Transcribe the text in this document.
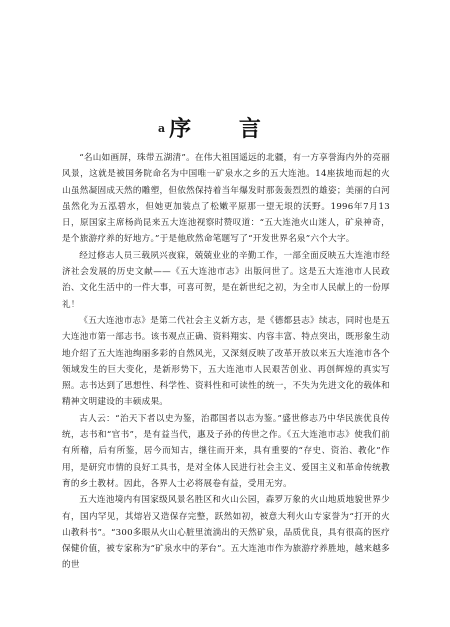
序 言
a

“名山如画屏，珠带五湖清”。在伟大祖国遥远的北疆，有一方享誉海内外的亮丽风景，这就是被国务院命名为中国唯一矿泉水之乡的五大连池。14座拔地而起的火山虽然凝固成天然的雕塑，但依然保持着当年爆发时那轰轰烈烈的雄姿；美丽的白河虽然化为五泓碧水，但她更加装点了松嫩平原那一望无垠的沃野。1996年7月13日，原国家主席杨尚昆来五大连池视察时赞叹道：“五大连池火山迷人，矿泉神奇，是个旅游疗养的好地方。”于是他欣然命笔题写了“开发世界名泉”六个大字。

经过修志人员三载夙兴夜寐，兢兢业业的辛勤工作，一部全面反映五大连池市经济社会发展的历史文献——《五大连池市志》出版问世了。这是五大连池市人民政治、文化生活中的一件大事，可喜可贺，是在新世纪之初，为全市人民献上的一份厚礼！

《五大连池市志》是第二代社会主义新方志，是《德都县志》续志，同时也是五大连池市第一部志书。该书观点正确、资料翔实、内容丰富、特点突出，既形象生动地介绍了五大连池绚丽多彩的自然风光，又深刻反映了改革开放以来五大连池市各个领域发生的巨大变化，是新形势下，五大连池市人民艰苦创业、再创辉煌的真实写照。志书达到了思想性、科学性、资料性和可读性的统一，不失为先进文化的载体和精神文明建设的丰硕成果。

古人云：“治天下者以史为鉴，治郡国者以志为鉴。”盛世修志乃中华民族优良传统，志书和“官书”，是有益当代，惠及子孙的传世之作。《五大连池市志》使我们前有所稽，后有所鉴，居今而知古，继往而开来，具有重要的“存史、资治、教化”作用，是研究市情的良好工具书，是对全体人民进行社会主义、爱国主义和革命传统教育的乡土教材。因此，各界人士必将展卷有益，受用无穷。

五大连池境内有国家级风景名胜区和火山公园，森罗万象的火山地质地貌世界少有，国内罕见，其熔岩又造保存完整，跃然如初，被意大利火山专家誉为“打开的火山教科书”。“300多眼从火山心脏里流淌出的天然矿泉，品质优良，具有很高的医疗保健价值，被专家称为“矿泉水中的茅台”。五大连池市作为旅游疗养胜地，越来越多的世
